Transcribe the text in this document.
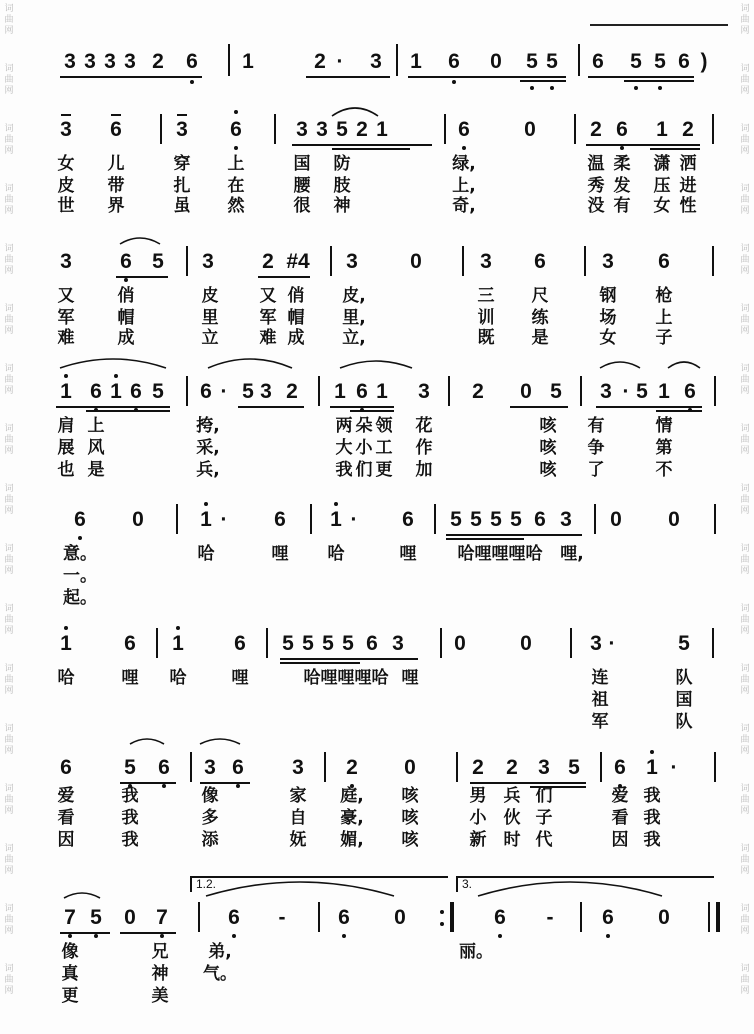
词
曲
网
词
曲
网
词
曲
网
词
曲
网
词
曲
网
词
曲
网
词
曲
网
词
曲
网
词
曲
网
词
曲
网
词
曲
网
词
曲
网
词
曲
网
词
曲
网
词
曲
网
词
曲
网
词
曲
网
词
曲
网
词
曲
网
词
曲
网
词
曲
网
词
曲
网
词
曲
网
词
曲
网
词
曲
网
词
曲
网
词
曲
网
词
曲
网
词
曲
网
词
曲
网
词
曲
网
词
曲
网
词
曲
网
词
曲
网
3 3 3 3 2 6 1	2 · 3 1 6 0 5 5 6 5 5 6 )
3 6	3 6	3 3 5 2 1	6	0	2 6 1 2
女 儿	穿 上	国 防	绿,	温 柔 潇 洒
皮 带	扎 在	腰 肢	上,	秀 发 压 进
世 界	虽 然	很 神	奇,	没 有 女 性
3 6 5 3 2 #4 3 0	3 6	3 6
又	俏	皮 又 俏 皮,	三 尺	钢 枪
军	帽	里 军 帽 里,	训 练	场 上
难	成	立 难 成 立,	既 是	女 子
1 6 1 6 5 6 · 5 3 2 1 6 1 3 2 0 5 3 · 5 1 6
肩 上	挎,	两 朵 领 花	咳 有	情
展 风	采,	大 小 工 作	咳 争	第
也 是	兵,	我 们 更 加	咳 了	不
6 0	1 · 6 1 · 6 5 5 5 5 6 3 0 0
意。	哈	哩 哈	哩 哈哩哩哩哈 哩,
一。
起。
1 6 1 6 5 5 5 5 6 3 0	0	3 ·	5
哈	哩 哈	哩	哈哩哩哩哈 哩	连	队
祖	国
军	队
6 5 6 3 6 3 2 0	2 2 3 5 6 1 ·
爱	我	像	家 庭, 咳	男 兵 们	爱 我
看	我	多	自 豪, 咳	小 伙 子	看 我
因	我	添	妩 媚, 咳	新 时 代	因 我
1.2.	3.
7 5 0 7	6 -	6 0	6 - 6 0
像	兄 弟,	丽。
真	神 气。
更	美
